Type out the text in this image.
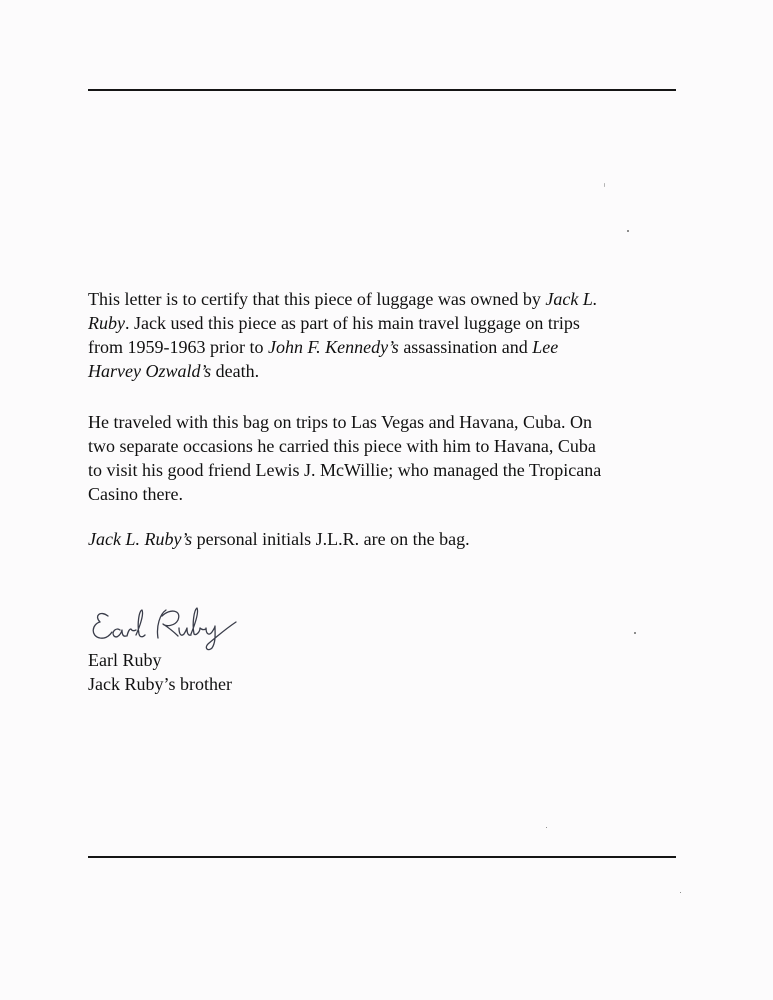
This letter is to certify that this piece of luggage was owned by Jack L.
Ruby. Jack used this piece as part of his main travel luggage on trips
from 1959-1963 prior to John F. Kennedy’s assassination and Lee
Harvey Ozwald’s death.

He traveled with this bag on trips to Las Vegas and Havana, Cuba. On
two separate occasions he carried this piece with him to Havana, Cuba
to visit his good friend Lewis J. McWillie; who managed the Tropicana
Casino there.

Jack L. Ruby’s personal initials J.L.R. are on the bag.

Earl Ruby

Jack Ruby’s brother
